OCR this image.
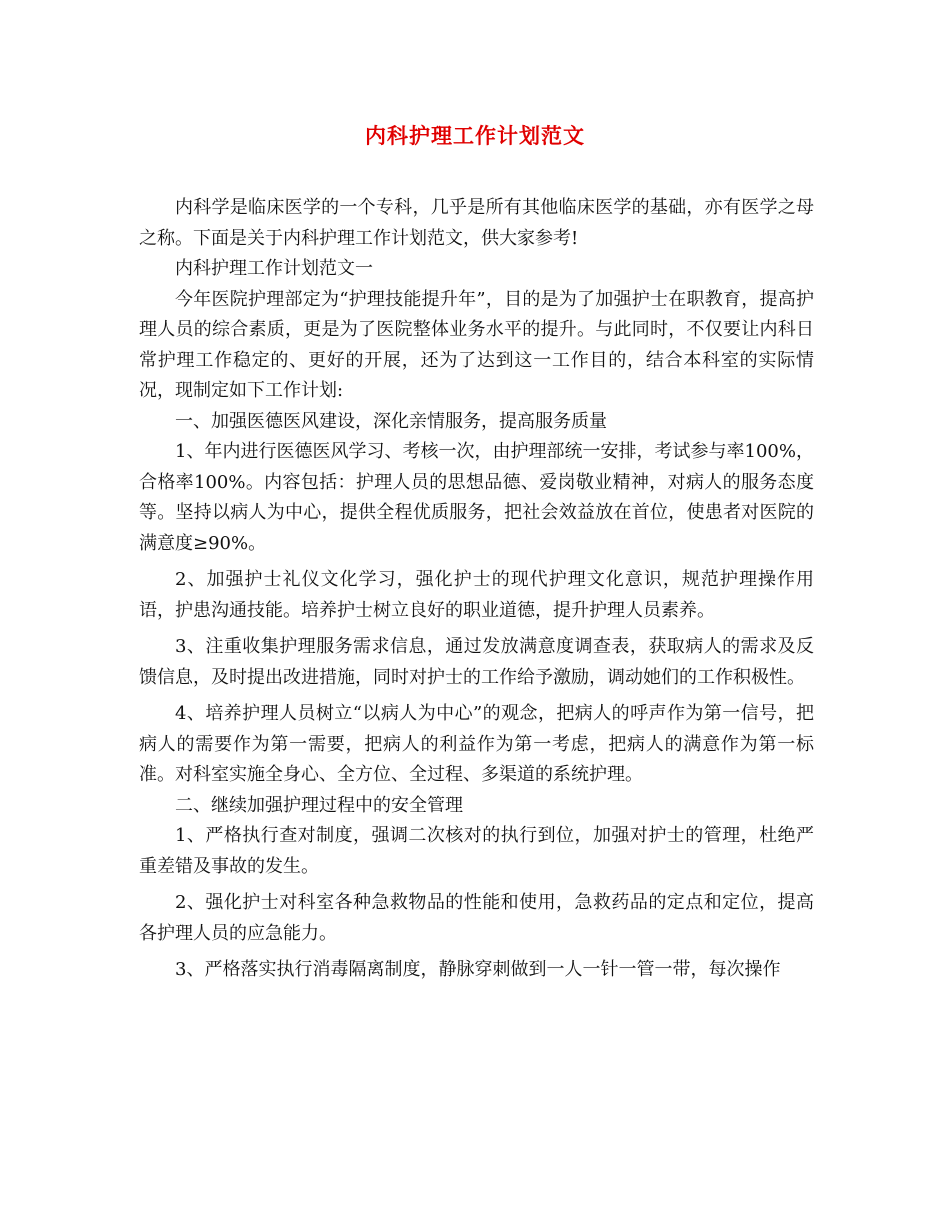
内科护理工作计划范文

内科学是临床医学的一个专科，几乎是所有其他临床医学的基础，亦有医学之母之称。下面是关于内科护理工作计划范文，供大家参考!

内科护理工作计划范文一

今年医院护理部定为“护理技能提升年”，目的是为了加强护士在职教育，提高护理人员的综合素质，更是为了医院整体业务水平的提升。与此同时，不仅要让内科日常护理工作稳定的、更好的开展，还为了达到这一工作目的，结合本科室的实际情况，现制定如下工作计划:

一、加强医德医风建设，深化亲情服务，提高服务质量

1、年内进行医德医风学习、考核一次，由护理部统一安排，考试参与率100%，合格率100%。内容包括：护理人员的思想品德、爱岗敬业精神，对病人的服务态度等。坚持以病人为中心，提供全程优质服务，把社会效益放在首位，使患者对医院的满意度≥90%。

2、加强护士礼仪文化学习，强化护士的现代护理文化意识，规范护理操作用语，护患沟通技能。培养护士树立良好的职业道德，提升护理人员素养。

3、注重收集护理服务需求信息，通过发放满意度调查表，获取病人的需求及反馈信息，及时提出改进措施，同时对护士的工作给予激励，调动她们的工作积极性。

4、培养护理人员树立“以病人为中心”的观念，把病人的呼声作为第一信号，把病人的需要作为第一需要，把病人的利益作为第一考虑，把病人的满意作为第一标准。对科室实施全身心、全方位、全过程、多渠道的系统护理。

二、继续加强护理过程中的安全管理

1、严格执行查对制度，强调二次核对的执行到位，加强对护士的管理，杜绝严重差错及事故的发生。

2、强化护士对科室各种急救物品的性能和使用，急救药品的定点和定位，提高各护理人员的应急能力。

3、严格落实执行消毒隔离制度，静脉穿刺做到一人一针一管一带，每次操作
